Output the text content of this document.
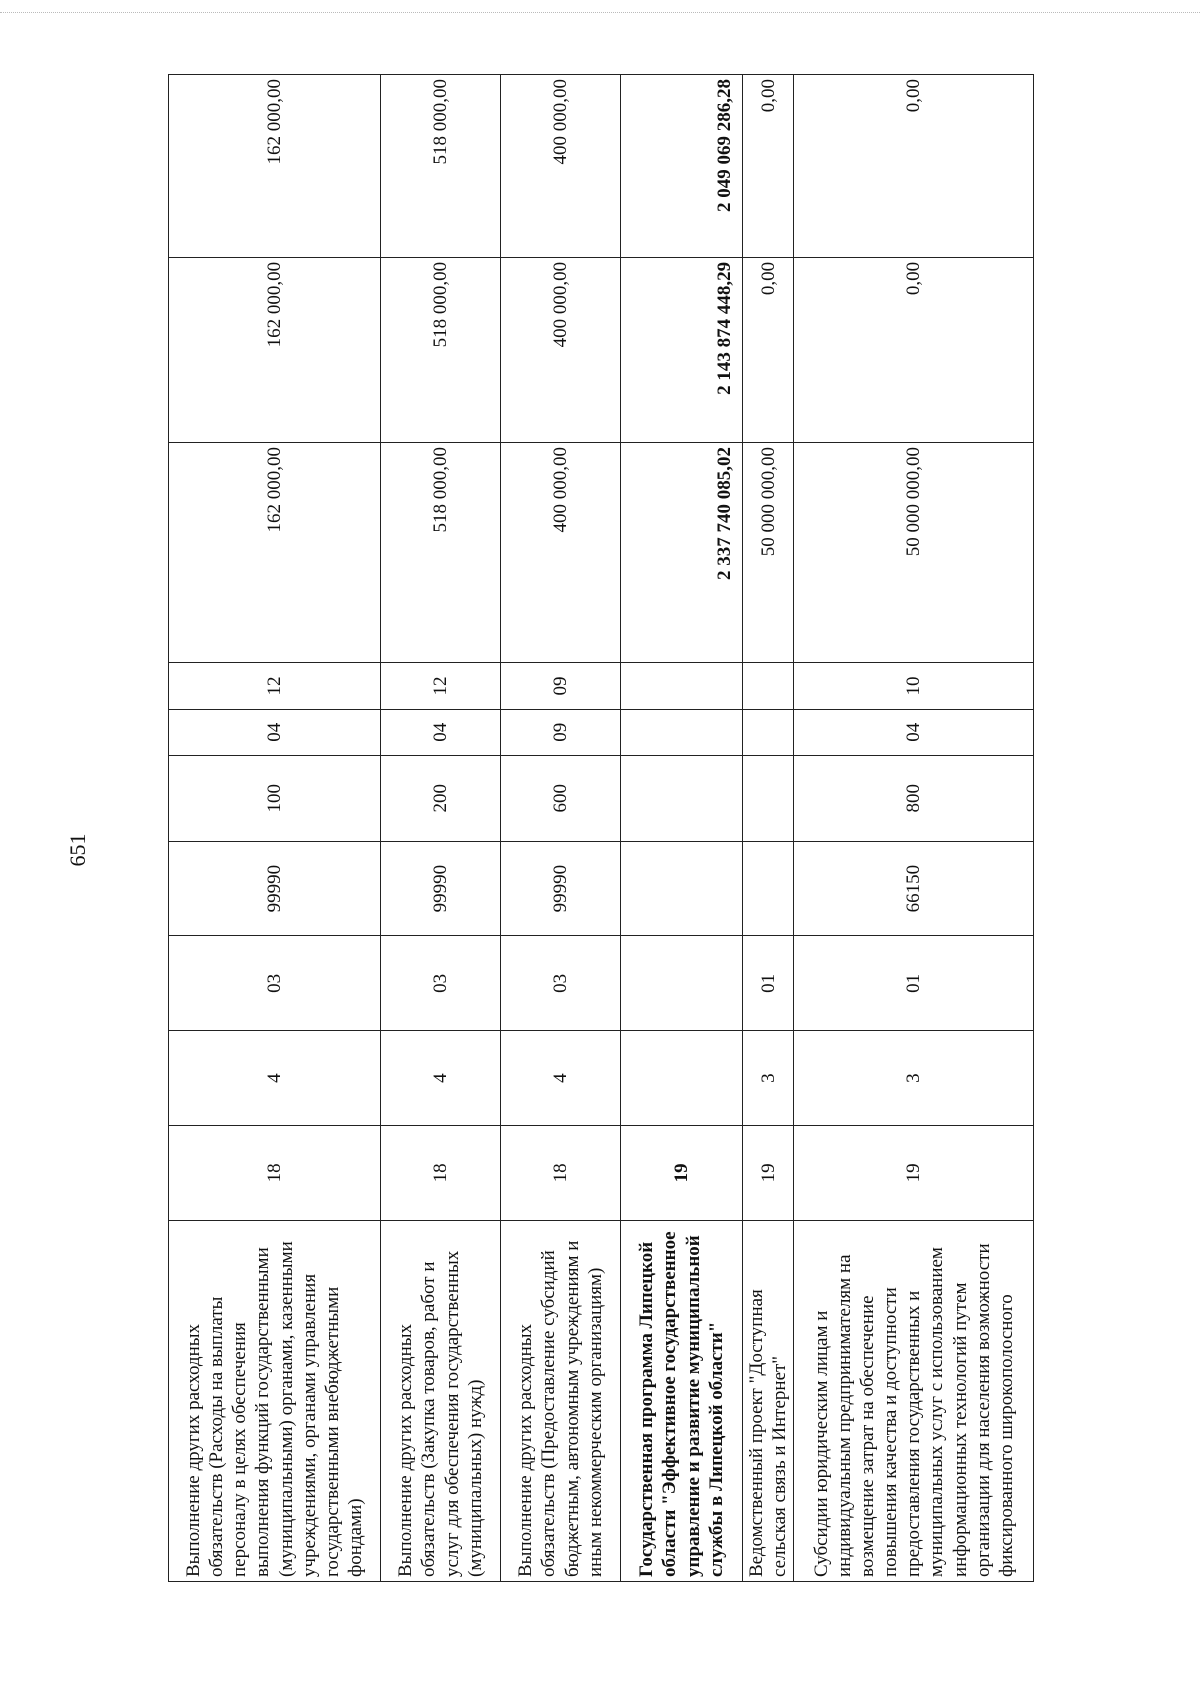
651
Выполнение других расходных обязательств (Расходы на выплаты персоналу в целях обеспечения выполнения функций государственными (муниципальными) органами, казенными учреждениями, органами управления государственными внебюджетными фондами)	18	4	03	99990	100	04	12	162 000,00	162 000,00	162 000,00
Выполнение других расходных обязательств (Закупка товаров, работ и услуг для обеспечения государственных (муниципальных) нужд)	18	4	03	99990	200	04	12	518 000,00	518 000,00	518 000,00
Выполнение других расходных обязательств (Предоставление субсидий бюджетным, автономным учреждениям и иным некоммерческим организациям)	18	4	03	99990	600	09	09	400 000,00	400 000,00	400 000,00
Государственная программа Липецкой области "Эффективное государственное управление и развитие муниципальной службы в Липецкой области"	19							2 337 740 085,02	2 143 874 448,29	2 049 069 286,28
Ведомственный проект "Доступная сельская связь и Интернет"	19	3	01					50 000 000,00	0,00	0,00
Субсидии юридическим лицам и индивидуальным предпринимателям на возмещение затрат на обеспечение повышения качества и доступности предоставления государственных и муниципальных услуг с использованием информационных технологий путем организации для населения возможности фиксированного широкополосного	19	3	01	66150	800	04	10	50 000 000,00	0,00	0,00
